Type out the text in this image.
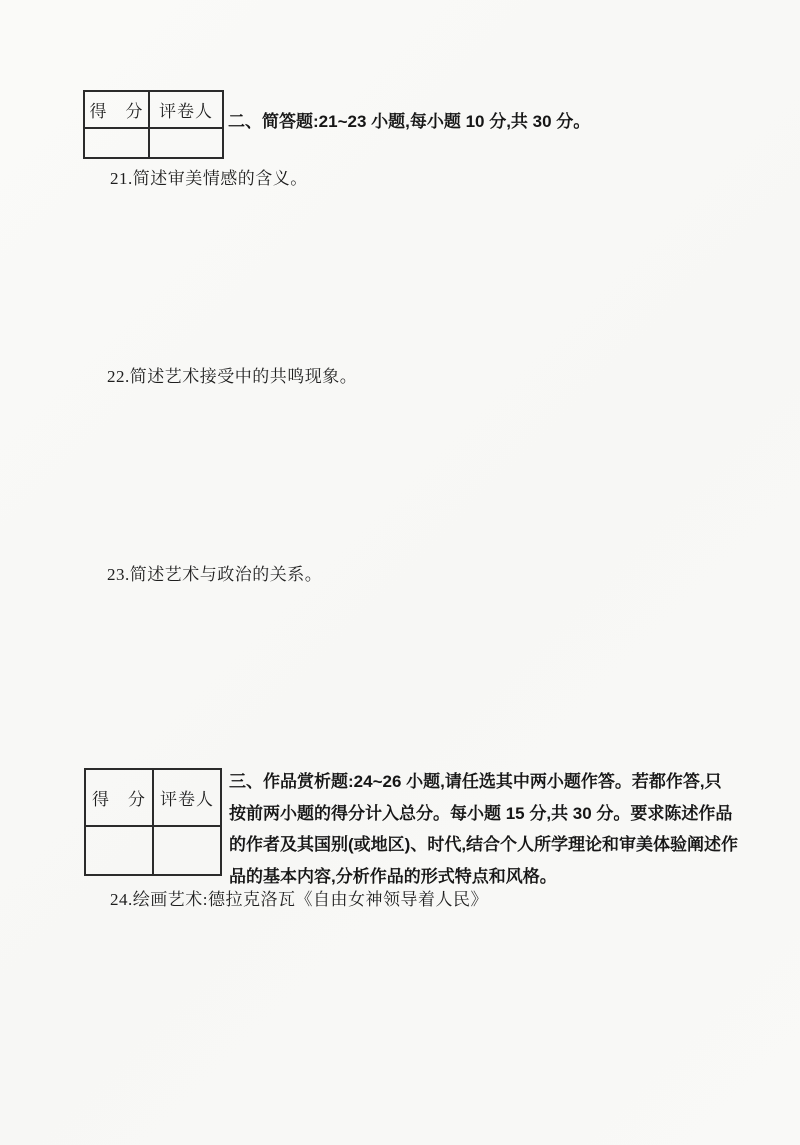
得　分 评卷人
二、简答题:21~23 小题,每小题 10 分,共 30 分。
21.简述审美情感的含义。
22.简述艺术接受中的共鸣现象。
23.简述艺术与政治的关系。
得　分 评卷人
三、作品赏析题:24~26 小题,请任选其中两小题作答。若都作答,只
按前两小题的得分计入总分。每小题 15 分,共 30 分。要求陈述作品
的作者及其国别(或地区)、时代,结合个人所学理论和审美体验阐述作
品的基本内容,分析作品的形式特点和风格。
24.绘画艺术:德拉克洛瓦《自由女神领导着人民》
